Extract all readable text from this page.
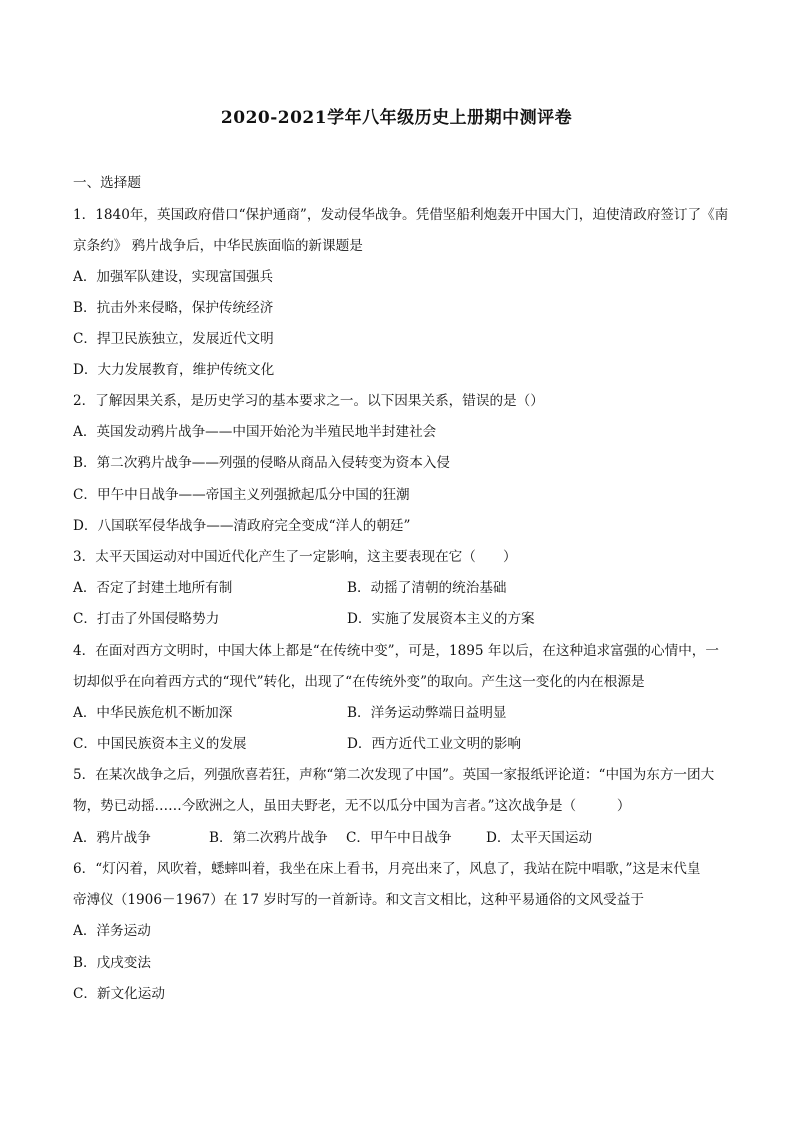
2020-2021学年八年级历史上册期中测评卷
一、选择题
1．1840年，英国政府借口“保护通商”，发动侵华战争。凭借坚船利炮轰开中国大门，迫使清政府签订了《南
京条约》 鸦片战争后，中华民族面临的新课题是
A．加强军队建设，实现富国强兵
B．抗击外来侵略，保护传统经济
C．捍卫民族独立，发展近代文明
D．大力发展教育，维护传统文化
2．了解因果关系，是历史学习的基本要求之一。以下因果关系，错误的是（）
A．英国发动鸦片战争——中国开始沦为半殖民地半封建社会
B．第二次鸦片战争——列强的侵略从商品入侵转变为资本入侵
C．甲午中日战争——帝国主义列强掀起瓜分中国的狂潮
D．八国联军侵华战争——清政府完全变成“洋人的朝廷”
3．太平天国运动对中国近代化产生了一定影响，这主要表现在它（　　）
A．否定了封建土地所有制	B．动摇了清朝的统治基础
C．打击了外国侵略势力	D．实施了发展资本主义的方案
4．在面对西方文明时，中国大体上都是“在传统中变”，可是，1895 年以后，在这种追求富强的心情中，一
切却似乎在向着西方式的“现代”转化，出现了“在传统外变”的取向。产生这一变化的内在根源是
A．中华民族危机不断加深	B．洋务运动弊端日益明显
C．中国民族资本主义的发展	D．西方近代工业文明的影响
5．在某次战争之后，列强欣喜若狂，声称“第二次发现了中国”。英国一家报纸评论道：“中国为东方一团大
物，势已动摇……今欧洲之人，虽田夫野老，无不以瓜分中国为言者。”这次战争是（　　　）
A．鸦片战争	B．第二次鸦片战争 C．甲午中日战争	D．太平天国运动
6．“灯闪着，风吹着，蟋蟀叫着，我坐在床上看书，月亮出来了，风息了，我站在院中唱歌，”这是末代皇
帝溥仪（1906－1967）在 17 岁时写的一首新诗。和文言文相比，这种平易通俗的文风受益于
A．洋务运动
B．戊戌变法
C．新文化运动
